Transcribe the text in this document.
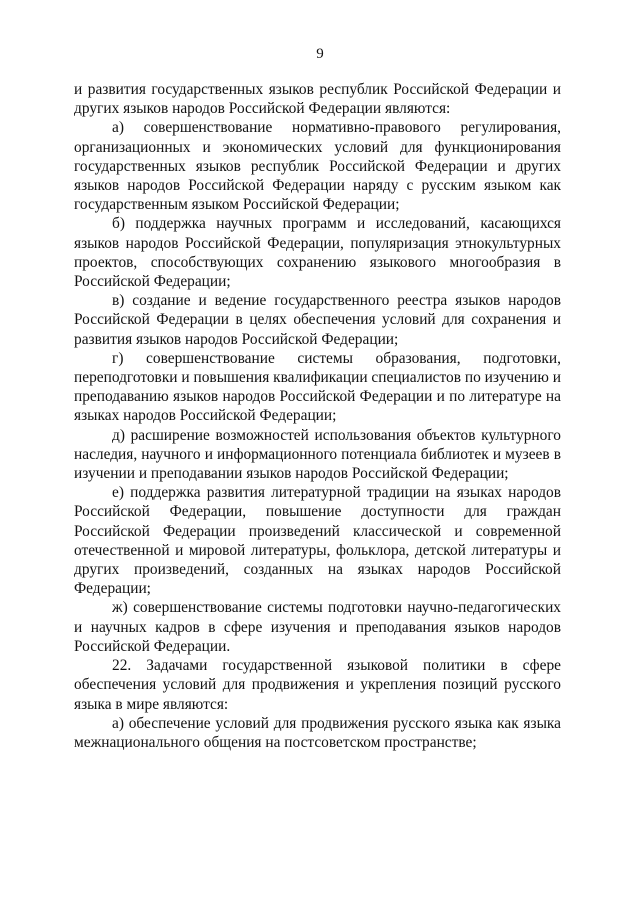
9

и развития государственных языков республик Российской Федерации и других языков народов Российской Федерации являются:

а) совершенствование нормативно-правового регулирования, организационных и экономических условий для функционирования государственных языков республик Российской Федерации и других языков народов Российской Федерации наряду с русским языком как государственным языком Российской Федерации;

б) поддержка научных программ и исследований, касающихся языков народов Российской Федерации, популяризация этнокультурных проектов, способствующих сохранению языкового многообразия в Российской Федерации;

в) создание и ведение государственного реестра языков народов Российской Федерации в целях обеспечения условий для сохранения и развития языков народов Российской Федерации;

г) совершенствование системы образования, подготовки, переподготовки и повышения квалификации специалистов по изучению и преподаванию языков народов Российской Федерации и по литературе на языках народов Российской Федерации;

д) расширение возможностей использования объектов культурного наследия, научного и информационного потенциала библиотек и музеев в изучении и преподавании языков народов Российской Федерации;

е) поддержка развития литературной традиции на языках народов Российской Федерации, повышение доступности для граждан Российской Федерации произведений классической и современной отечественной и мировой литературы, фольклора, детской литературы и других произведений, созданных на языках народов Российской Федерации;

ж) совершенствование системы подготовки научно-педагогических и научных кадров в сфере изучения и преподавания языков народов Российской Федерации.

22. Задачами государственной языковой политики в сфере обеспечения условий для продвижения и укрепления позиций русского языка в мире являются:

а) обеспечение условий для продвижения русского языка как языка межнационального общения на постсоветском пространстве;
